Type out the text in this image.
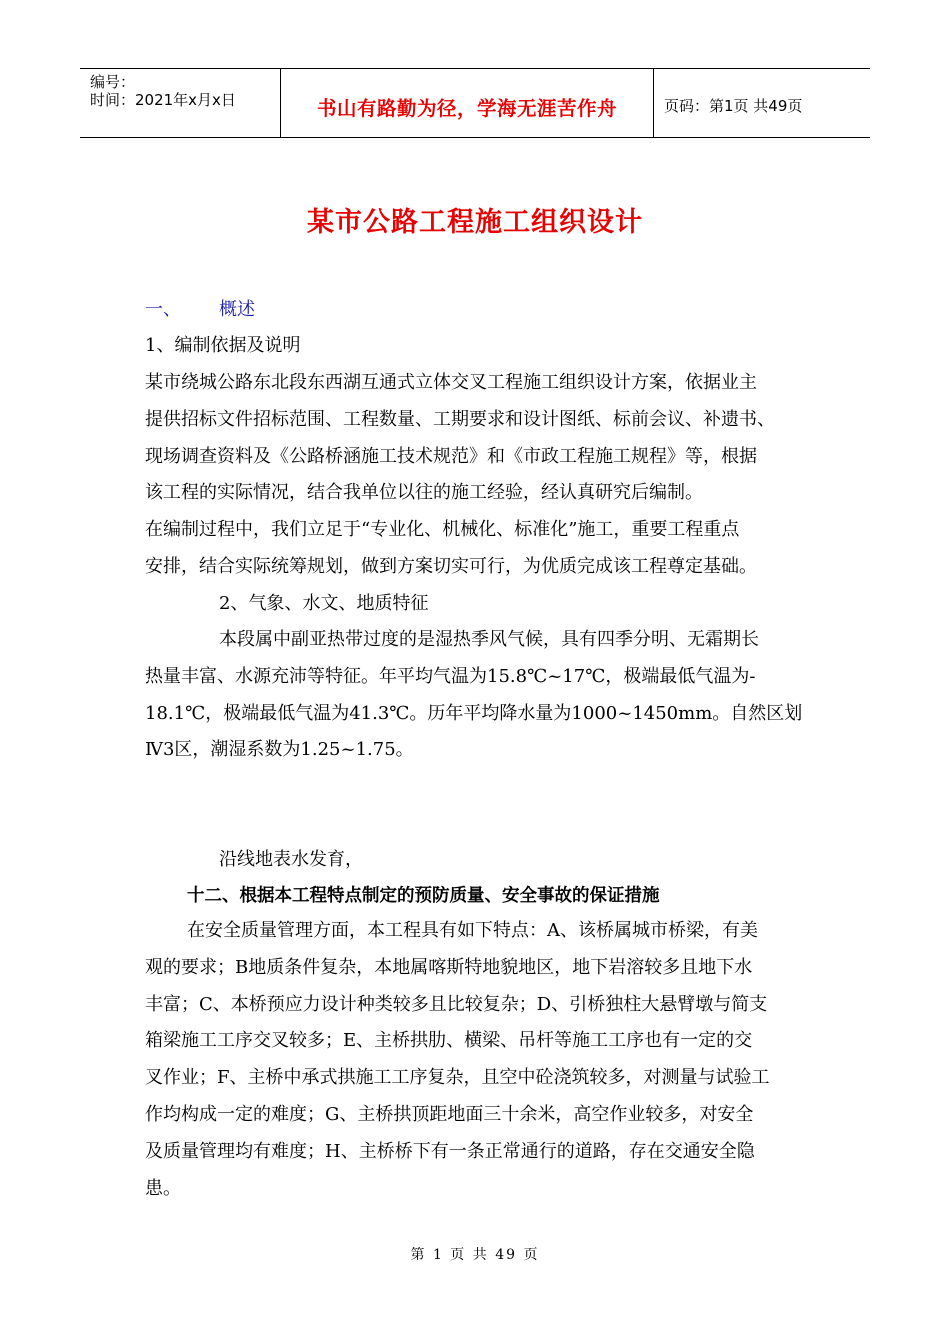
编号：
时间：2021年x月x日	书山有路勤为径，学海无涯苦作舟	页码：第1页 共49页
某市公路工程施工组织设计
一、 概述
1、编制依据及说明
某市绕城公路东北段东西湖互通式立体交叉工程施工组织设计方案，依据业主
提供招标文件招标范围、工程数量、工期要求和设计图纸、标前会议、补遗书、
现场调查资料及《公路桥涵施工技术规范》和《市政工程施工规程》等，根据
该工程的实际情况，结合我单位以往的施工经验，经认真研究后编制。
在编制过程中，我们立足于“专业化、机械化、标准化”施工，重要工程重点
安排，结合实际统筹规划，做到方案切实可行，为优质完成该工程尊定基础。
2、气象、水文、地质特征
本段属中副亚热带过度的是湿热季风气候，具有四季分明、无霜期长
热量丰富、水源充沛等特征。年平均气温为15.8℃~17℃，极端最低气温为-
18.1℃，极端最低气温为41.3℃。历年平均降水量为1000~1450mm。自然区划
Ⅳ3区，潮湿系数为1.25~1.75。
沿线地表水发育，
十二、根据本工程特点制定的预防质量、安全事故的保证措施
在安全质量管理方面，本工程具有如下特点：A、该桥属城市桥梁，有美
观的要求；B地质条件复杂，本地属喀斯特地貌地区，地下岩溶较多且地下水
丰富；C、本桥预应力设计种类较多且比较复杂；D、引桥独柱大悬臂墩与简支
箱梁施工工序交叉较多；E、主桥拱肋、横梁、吊杆等施工工序也有一定的交
叉作业；F、主桥中承式拱施工工序复杂，且空中砼浇筑较多，对测量与试验工
作均构成一定的难度；G、主桥拱顶距地面三十余米，高空作业较多，对安全
及质量管理均有难度；H、主桥桥下有一条正常通行的道路，存在交通安全隐
患。
第 1 页 共 49 页
